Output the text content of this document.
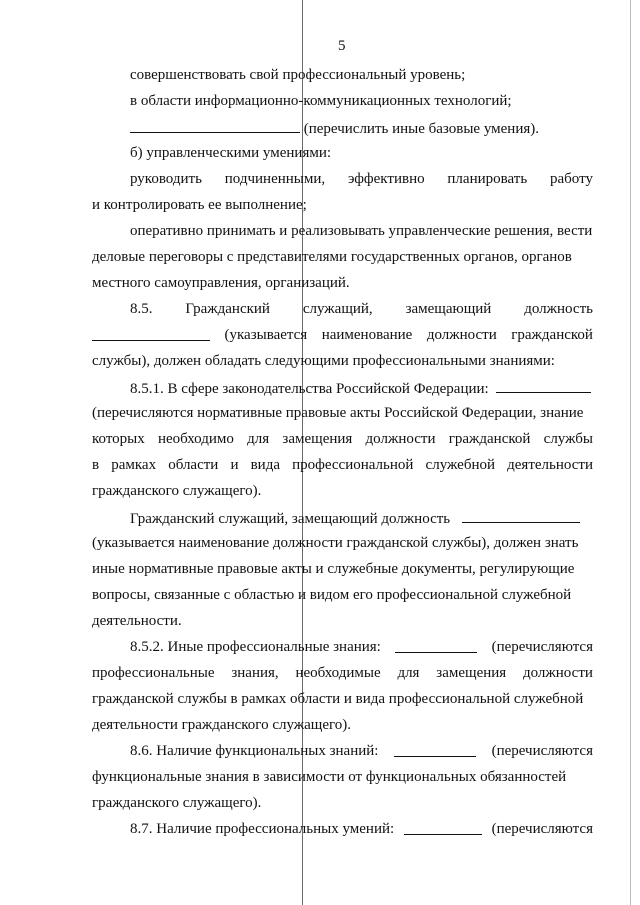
5
совершенствовать свой профессиональный уровень;
в области информационно-коммуникационных технологий;
(перечислить иные базовые умения).
б) управленческими умениями:
руководить подчиненными, эффективно планировать работу
и контролировать ее выполнение;
оперативно принимать и реализовывать управленческие решения, вести
деловые переговоры с представителями государственных органов, органов
местного самоуправления, организаций.
8.5. Гражданский служащий, замещающий должность
(указывается наименование должности гражданской
службы), должен обладать следующими профессиональными знаниями:
8.5.1. В сфере законодательства Российской Федерации:
(перечисляются нормативные правовые акты Российской Федерации, знание
которых необходимо для замещения должности гражданской службы
в рамках области и вида профессиональной служебной деятельности
гражданского служащего).
Гражданский служащий, замещающий должность
(указывается наименование должности гражданской службы), должен знать
иные нормативные правовые акты и служебные документы, регулирующие
вопросы, связанные с областью и видом его профессиональной служебной
деятельности.
8.5.2. Иные профессиональные знания:	(перечисляются
профессиональные знания, необходимые для замещения должности
гражданской службы в рамках области и вида профессиональной служебной
деятельности гражданского служащего).
8.6. Наличие функциональных знаний:	(перечисляются
функциональные знания в зависимости от функциональных обязанностей
гражданского служащего).
8.7. Наличие профессиональных умений:	(перечисляются
